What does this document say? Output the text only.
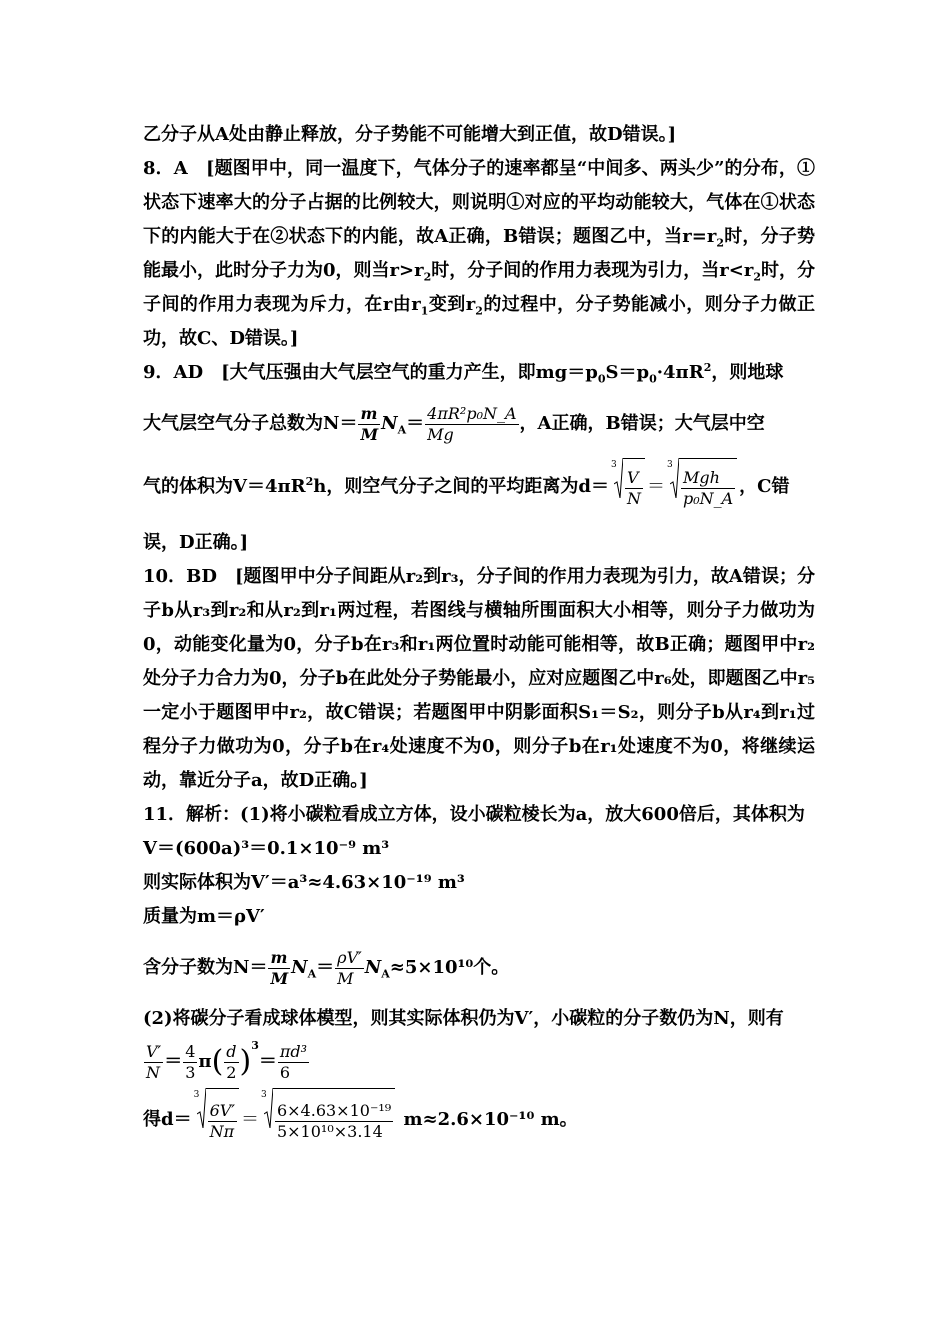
乙分子从A处由静止释放，分子势能不可能增大到正值，故D错误。]

8．A　[题图甲中，同一温度下，气体分子的速率都呈“中间多、两头少”的分布，①状态下速率大的分子占据的比例较大，则说明①对应的平均动能较大，气体在①状态下的内能大于在②状态下的内能，故A正确，B错误；题图乙中，当$r=r_2$时，分子势能最小，此时分子力为0，则当$r>r_2$时，分子间的作用力表现为引力，当$r<r_2$时，分子间的作用力表现为斥力，在r由$r_1$变到$r_2$的过程中，分子势能减小，则分子力做正功，故C、D错误。]

9．AD　[大气压强由大气层空气的重力产生，即$mg=p_0S=p_0\cdot 4\pi R^2$，则地球

大气层空气分子总数为$N= \frac{m}{M} N_A= \frac{\text{4πR²p₀N\_A}}{Mg}$ ，A正确，B错误；大气层中空

气的体积为$V=4\pi R^2h$，则空气分子之间的平均距离为d＝
3
$\frac{V}{N}$ ＝
3
$\frac{\text{Mgh}}{\text{p₀N\_A}}$ ，C错

误，D正确。]

10．BD　[题图甲中分子间距从r₂到r₃，分子间的作用力表现为引力，故A错误；分子b从r₃到r₂和从r₂到r₁两过程，若图线与横轴所围面积大小相等，则分子力做功为0，动能变化量为0，分子b在r₃和r₁两位置时动能可能相等，故B正确；题图甲中r₂处分子力合力为0，分子b在此处分子势能最小，应对应题图乙中r₆处，即题图乙中r₅一定小于题图甲中r₂，故C错误；若题图甲中阴影面积S₁＝S₂，则分子b从r₄到r₁过程分子力做功为0，分子b在r₄处速度不为0，则分子b在r₁处速度不为0，将继续运动，靠近分子a，故D正确。]

11．解析：(1)将小碳粒看成立方体，设小碳粒棱长为a，放大600倍后，其体积为

V＝(600a)³＝0.1×10⁻⁹ m³

则实际体积为V′＝a³≈4.63×10⁻¹⁹ m³

质量为m＝ρV′

含分子数为$N= \frac{m}{M} N_A= \frac{\rho V'}{M} N_A\approx 5\times 10^{10}$个。

(2)将碳分子看成球体模型，则其实际体积仍为V′，小碳粒的分子数仍为N，则有

$\frac{V'}{N} = \frac{4}{3} \pi( \frac{d}{2} )^3= \frac{\text{πd³}}{6}$

得d＝
3
$\frac{6V'}{N\pi}$ ＝
3
$\frac{\text{6×4.63×10⁻¹⁹}}{\text{5×10¹⁰×3.14}} m\approx 2.6\times 10^{-10}$ m。
